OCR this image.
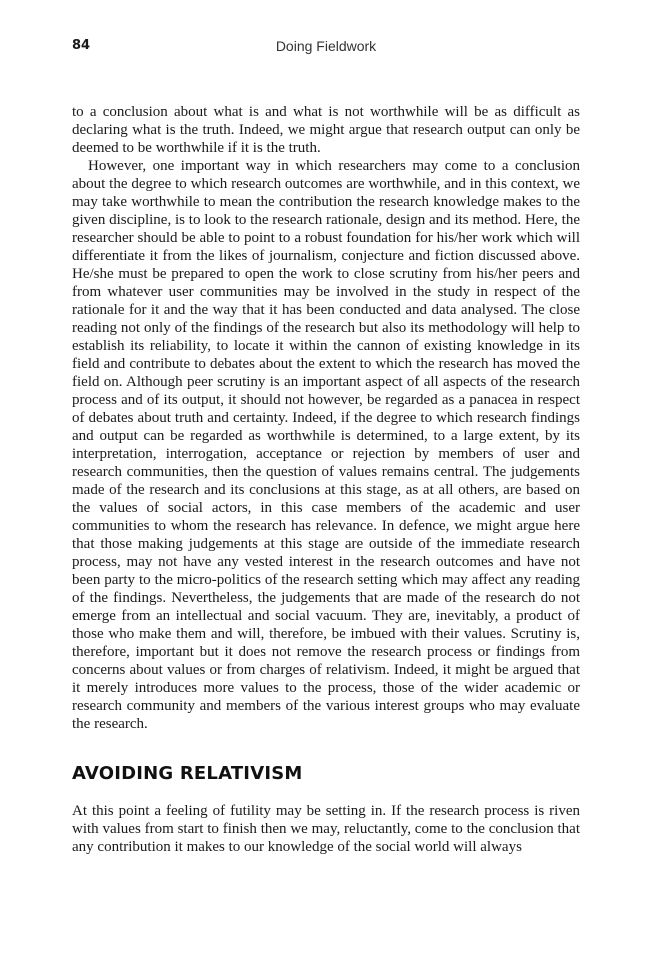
84	Doing Fieldwork

to a conclusion about what is and what is not worthwhile will be as difficult as declaring what is the truth. Indeed, we might argue that research output can only be deemed to be worthwhile if it is the truth.

However, one important way in which researchers may come to a conclusion about the degree to which research outcomes are worthwhile, and in this context, we may take worthwhile to mean the contribution the research knowledge makes to the given discipline, is to look to the research rationale, design and its method. Here, the researcher should be able to point to a robust foundation for his/her work which will differentiate it from the likes of journalism, conjecture and fiction discussed above. He/she must be prepared to open the work to close scrutiny from his/her peers and from whatever user communities may be involved in the study in respect of the rationale for it and the way that it has been conducted and data analysed. The close reading not only of the findings of the research but also its methodology will help to establish its reliability, to locate it within the cannon of existing knowledge in its field and contribute to debates about the extent to which the research has moved the field on. Although peer scrutiny is an important aspect of all aspects of the research process and of its output, it should not however, be regarded as a panacea in respect of debates about truth and certainty. Indeed, if the degree to which research findings and output can be regarded as worthwhile is determined, to a large extent, by its interpretation, interrogation, acceptance or rejection by members of user and research communities, then the question of values remains central. The judgements made of the research and its conclusions at this stage, as at all others, are based on the values of social actors, in this case members of the academic and user communities to whom the research has relevance. In defence, we might argue here that those making judgements at this stage are outside of the immediate research process, may not have any vested interest in the research outcomes and have not been party to the micro-politics of the research setting which may affect any reading of the findings. Nevertheless, the judgements that are made of the research do not emerge from an intellectual and social vacuum. They are, inevitably, a product of those who make them and will, therefore, be imbued with their values. Scrutiny is, therefore, important but it does not remove the research process or findings from concerns about values or from charges of relativism. Indeed, it might be argued that it merely introduces more values to the process, those of the wider academic or research community and members of the various interest groups who may evaluate the research.

AVOIDING RELATIVISM

At this point a feeling of futility may be setting in. If the research process is riven with values from start to finish then we may, reluctantly, come to the conclusion that any contribution it makes to our knowledge of the social world will always
